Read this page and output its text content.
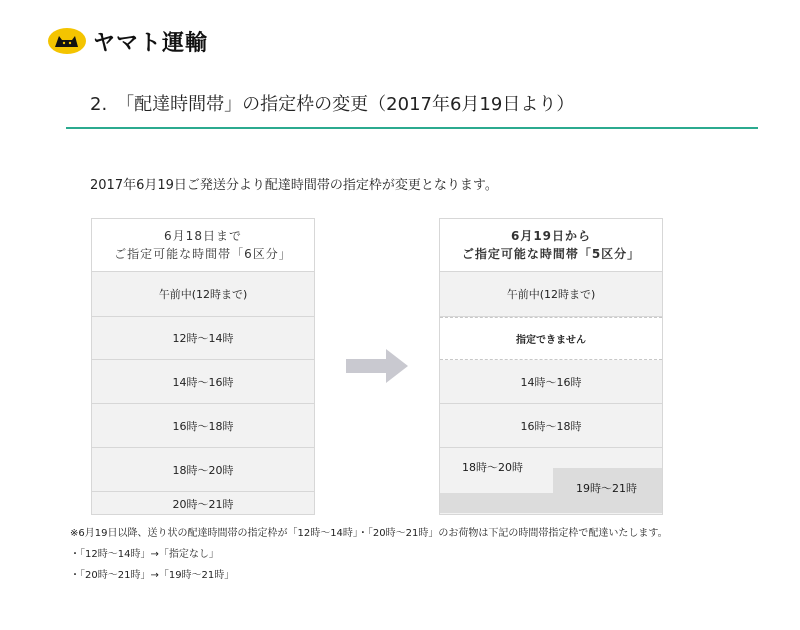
ヤマト運輸
2.　「配達時間帯」の指定枠の変更（2017年6月19日より）
2017年6月19日ご発送分より配達時間帯の指定枠が変更となります。
6月18日まで
ご指定可能な時間帯「6区分」
午前中(12時まで)
12時～14時
14時～16時
16時～18時
18時～20時
20時～21時
6月19日から
ご指定可能な時間帯「5区分」
午前中(12時まで)
指定できません
14時～16時
16時～18時
18時～20時
19時～21時
※6月19日以降、送り状の配達時間帯の指定枠が「12時～14時」・「20時～21時」のお荷物は下記の時間帯指定枠で配達いたします。
・「12時～14時」→「指定なし」
・「20時～21時」→「19時～21時」
